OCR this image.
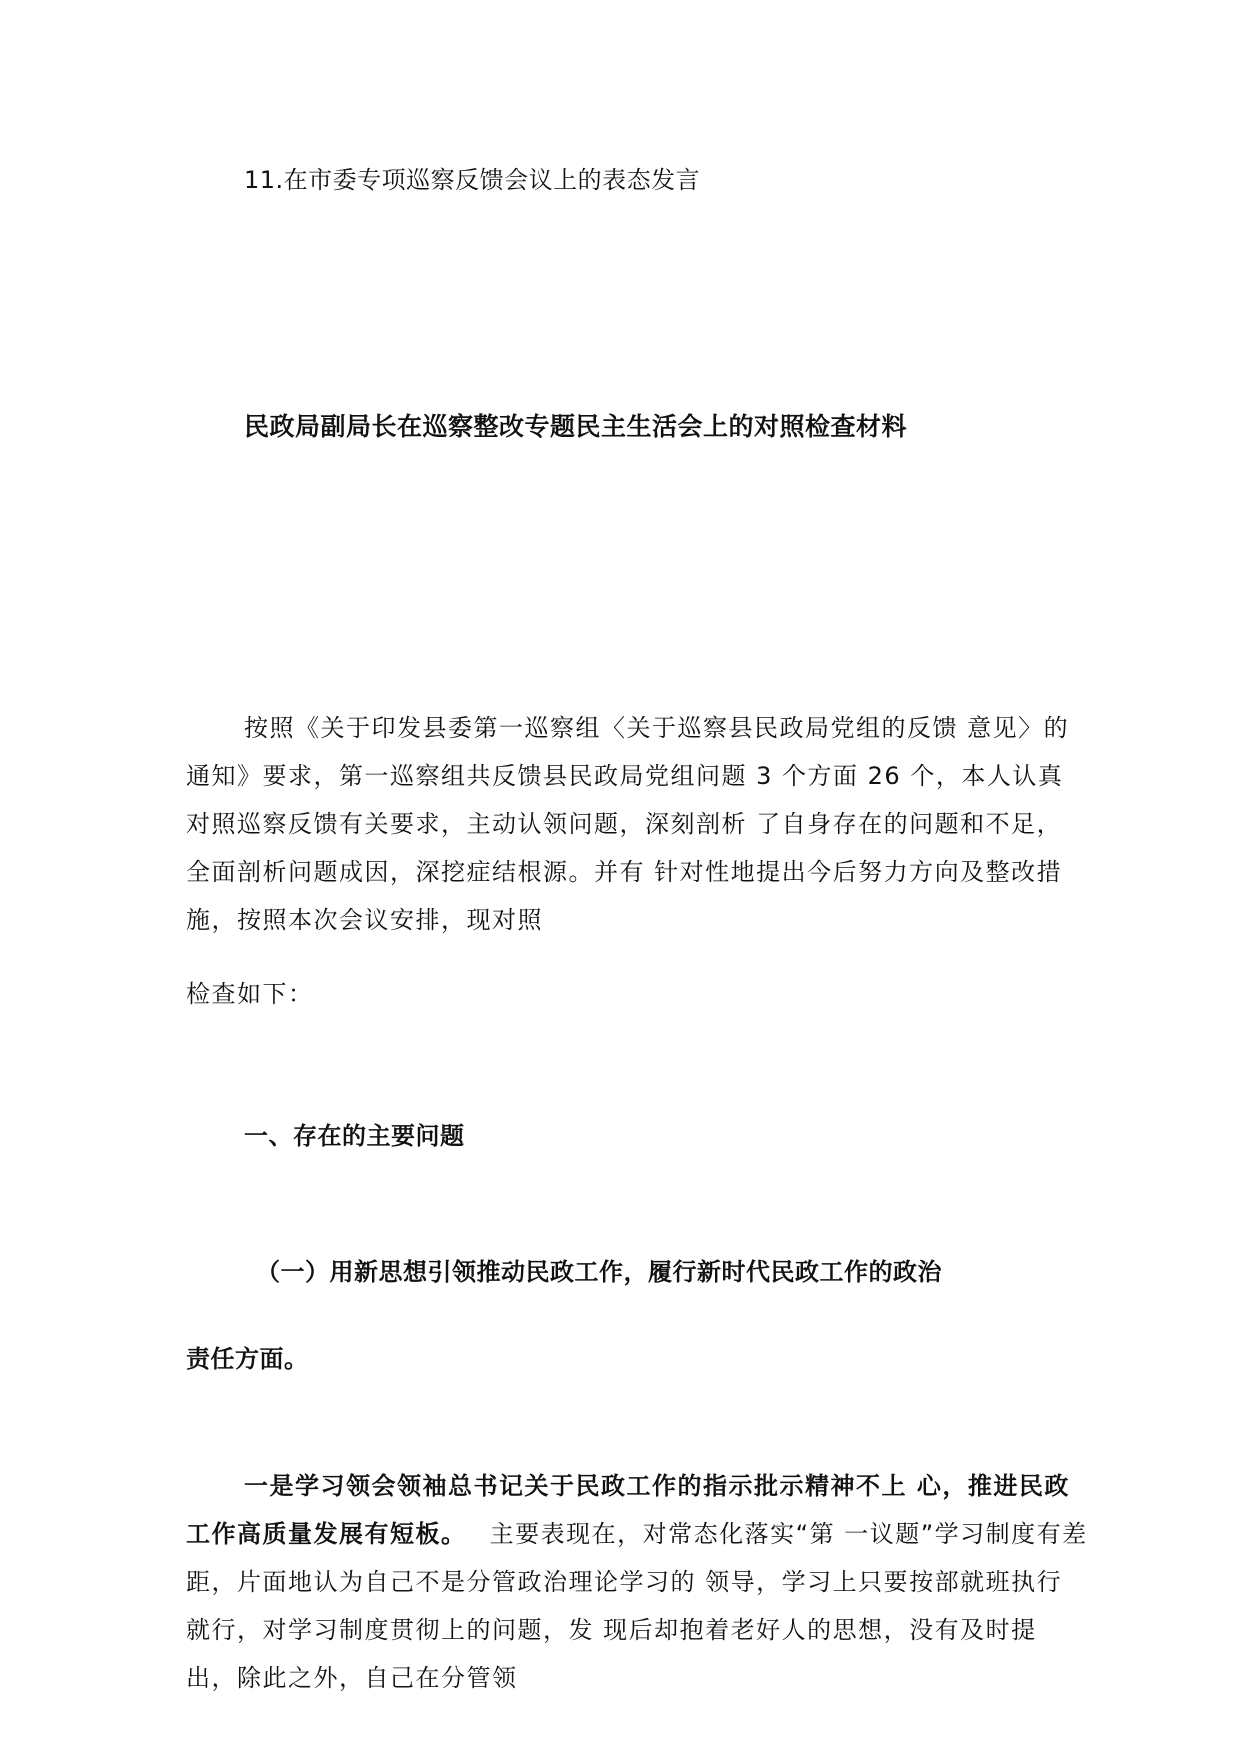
11.在市委专项巡察反馈会议上的表态发言
民政局副局长在巡察整改专题民主生活会上的对照检查材料
按照《关于印发县委第一巡察组〈关于巡察县民政局党组的反馈 意见〉的
通知》要求，第一巡察组共反馈县民政局党组问题 3 个方面 26 个，本人认真
对照巡察反馈有关要求，主动认领问题，深刻剖析 了自身存在的问题和不足，
全面剖析问题成因，深挖症结根源。并有 针对性地提出今后努力方向及整改措
施，按照本次会议安排，现对照
检查如下：
一、存在的主要问题
（一）用新思想引领推动民政工作，履行新时代民政工作的政治
责任方面。
一是学习领会领袖总书记关于民政工作的指示批示精神不上 心，推进民政
工作高质量发展有短板。 主要表现在，对常态化落实“第 一议题”学习制度有差
距，片面地认为自己不是分管政治理论学习的 领导，学习上只要按部就班执行
就行，对学习制度贯彻上的问题，发 现后却抱着老好人的思想，没有及时提
出，除此之外，自己在分管领
